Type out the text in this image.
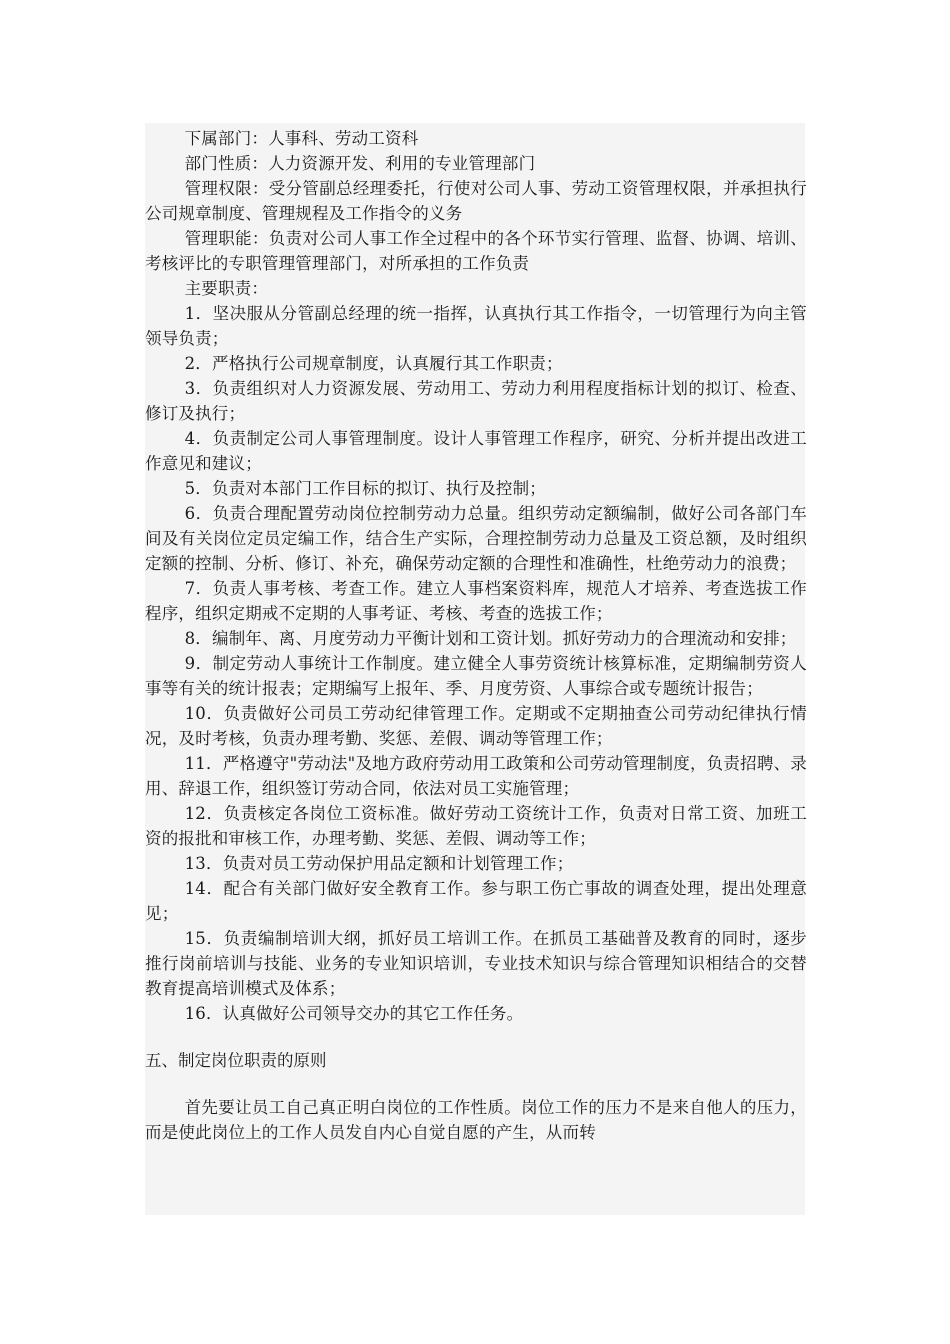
下属部门：人事科、劳动工资科

部门性质：人力资源开发、利用的专业管理部门

管理权限：受分管副总经理委托，行使对公司人事、劳动工资管理权限，并承担执行公司规章制度、管理规程及工作指令的义务

管理职能：负责对公司人事工作全过程中的各个环节实行管理、监督、协调、培训、考核评比的专职管理管理部门，对所承担的工作负责

主要职责：

1．坚决服从分管副总经理的统一指挥，认真执行其工作指令，一切管理行为向主管领导负责；

2．严格执行公司规章制度，认真履行其工作职责；

3．负责组织对人力资源发展、劳动用工、劳动力利用程度指标计划的拟订、检查、修订及执行；

4．负责制定公司人事管理制度。设计人事管理工作程序，研究、分析并提出改进工作意见和建议；

5．负责对本部门工作目标的拟订、执行及控制；

6．负责合理配置劳动岗位控制劳动力总量。组织劳动定额编制，做好公司各部门车间及有关岗位定员定编工作，结合生产实际，合理控制劳动力总量及工资总额，及时组织定额的控制、分析、修订、补充，确保劳动定额的合理性和准确性，杜绝劳动力的浪费；

7．负责人事考核、考查工作。建立人事档案资料库，规范人才培养、考查选拔工作程序，组织定期戒不定期的人事考证、考核、考查的选拔工作；

8．编制年、离、月度劳动力平衡计划和工资计划。抓好劳动力的合理流动和安排；

9．制定劳动人事统计工作制度。建立健全人事劳资统计核算标准，定期编制劳资人事等有关的统计报表；定期编写上报年、季、月度劳资、人事综合或专题统计报告；

10．负责做好公司员工劳动纪律管理工作。定期或不定期抽查公司劳动纪律执行情况，及时考核，负责办理考勤、奖惩、差假、调动等管理工作；

11．严格遵守"劳动法"及地方政府劳动用工政策和公司劳动管理制度，负责招聘、录用、辞退工作，组织签订劳动合同，依法对员工实施管理；

12．负责核定各岗位工资标准。做好劳动工资统计工作，负责对日常工资、加班工资的报批和审核工作，办理考勤、奖惩、差假、调动等工作；

13．负责对员工劳动保护用品定额和计划管理工作；

14．配合有关部门做好安全教育工作。参与职工伤亡事故的调查处理，提出处理意见；

15．负责编制培训大纲，抓好员工培训工作。在抓员工基础普及教育的同时，逐步推行岗前培训与技能、业务的专业知识培训，专业技术知识与综合管理知识相结合的交替教育提高培训模式及体系；

16．认真做好公司领导交办的其它工作任务。

五、制定岗位职责的原则

首先要让员工自己真正明白岗位的工作性质。岗位工作的压力不是来自他人的压力，而是使此岗位上的工作人员发自内心自觉自愿的产生，从而转
